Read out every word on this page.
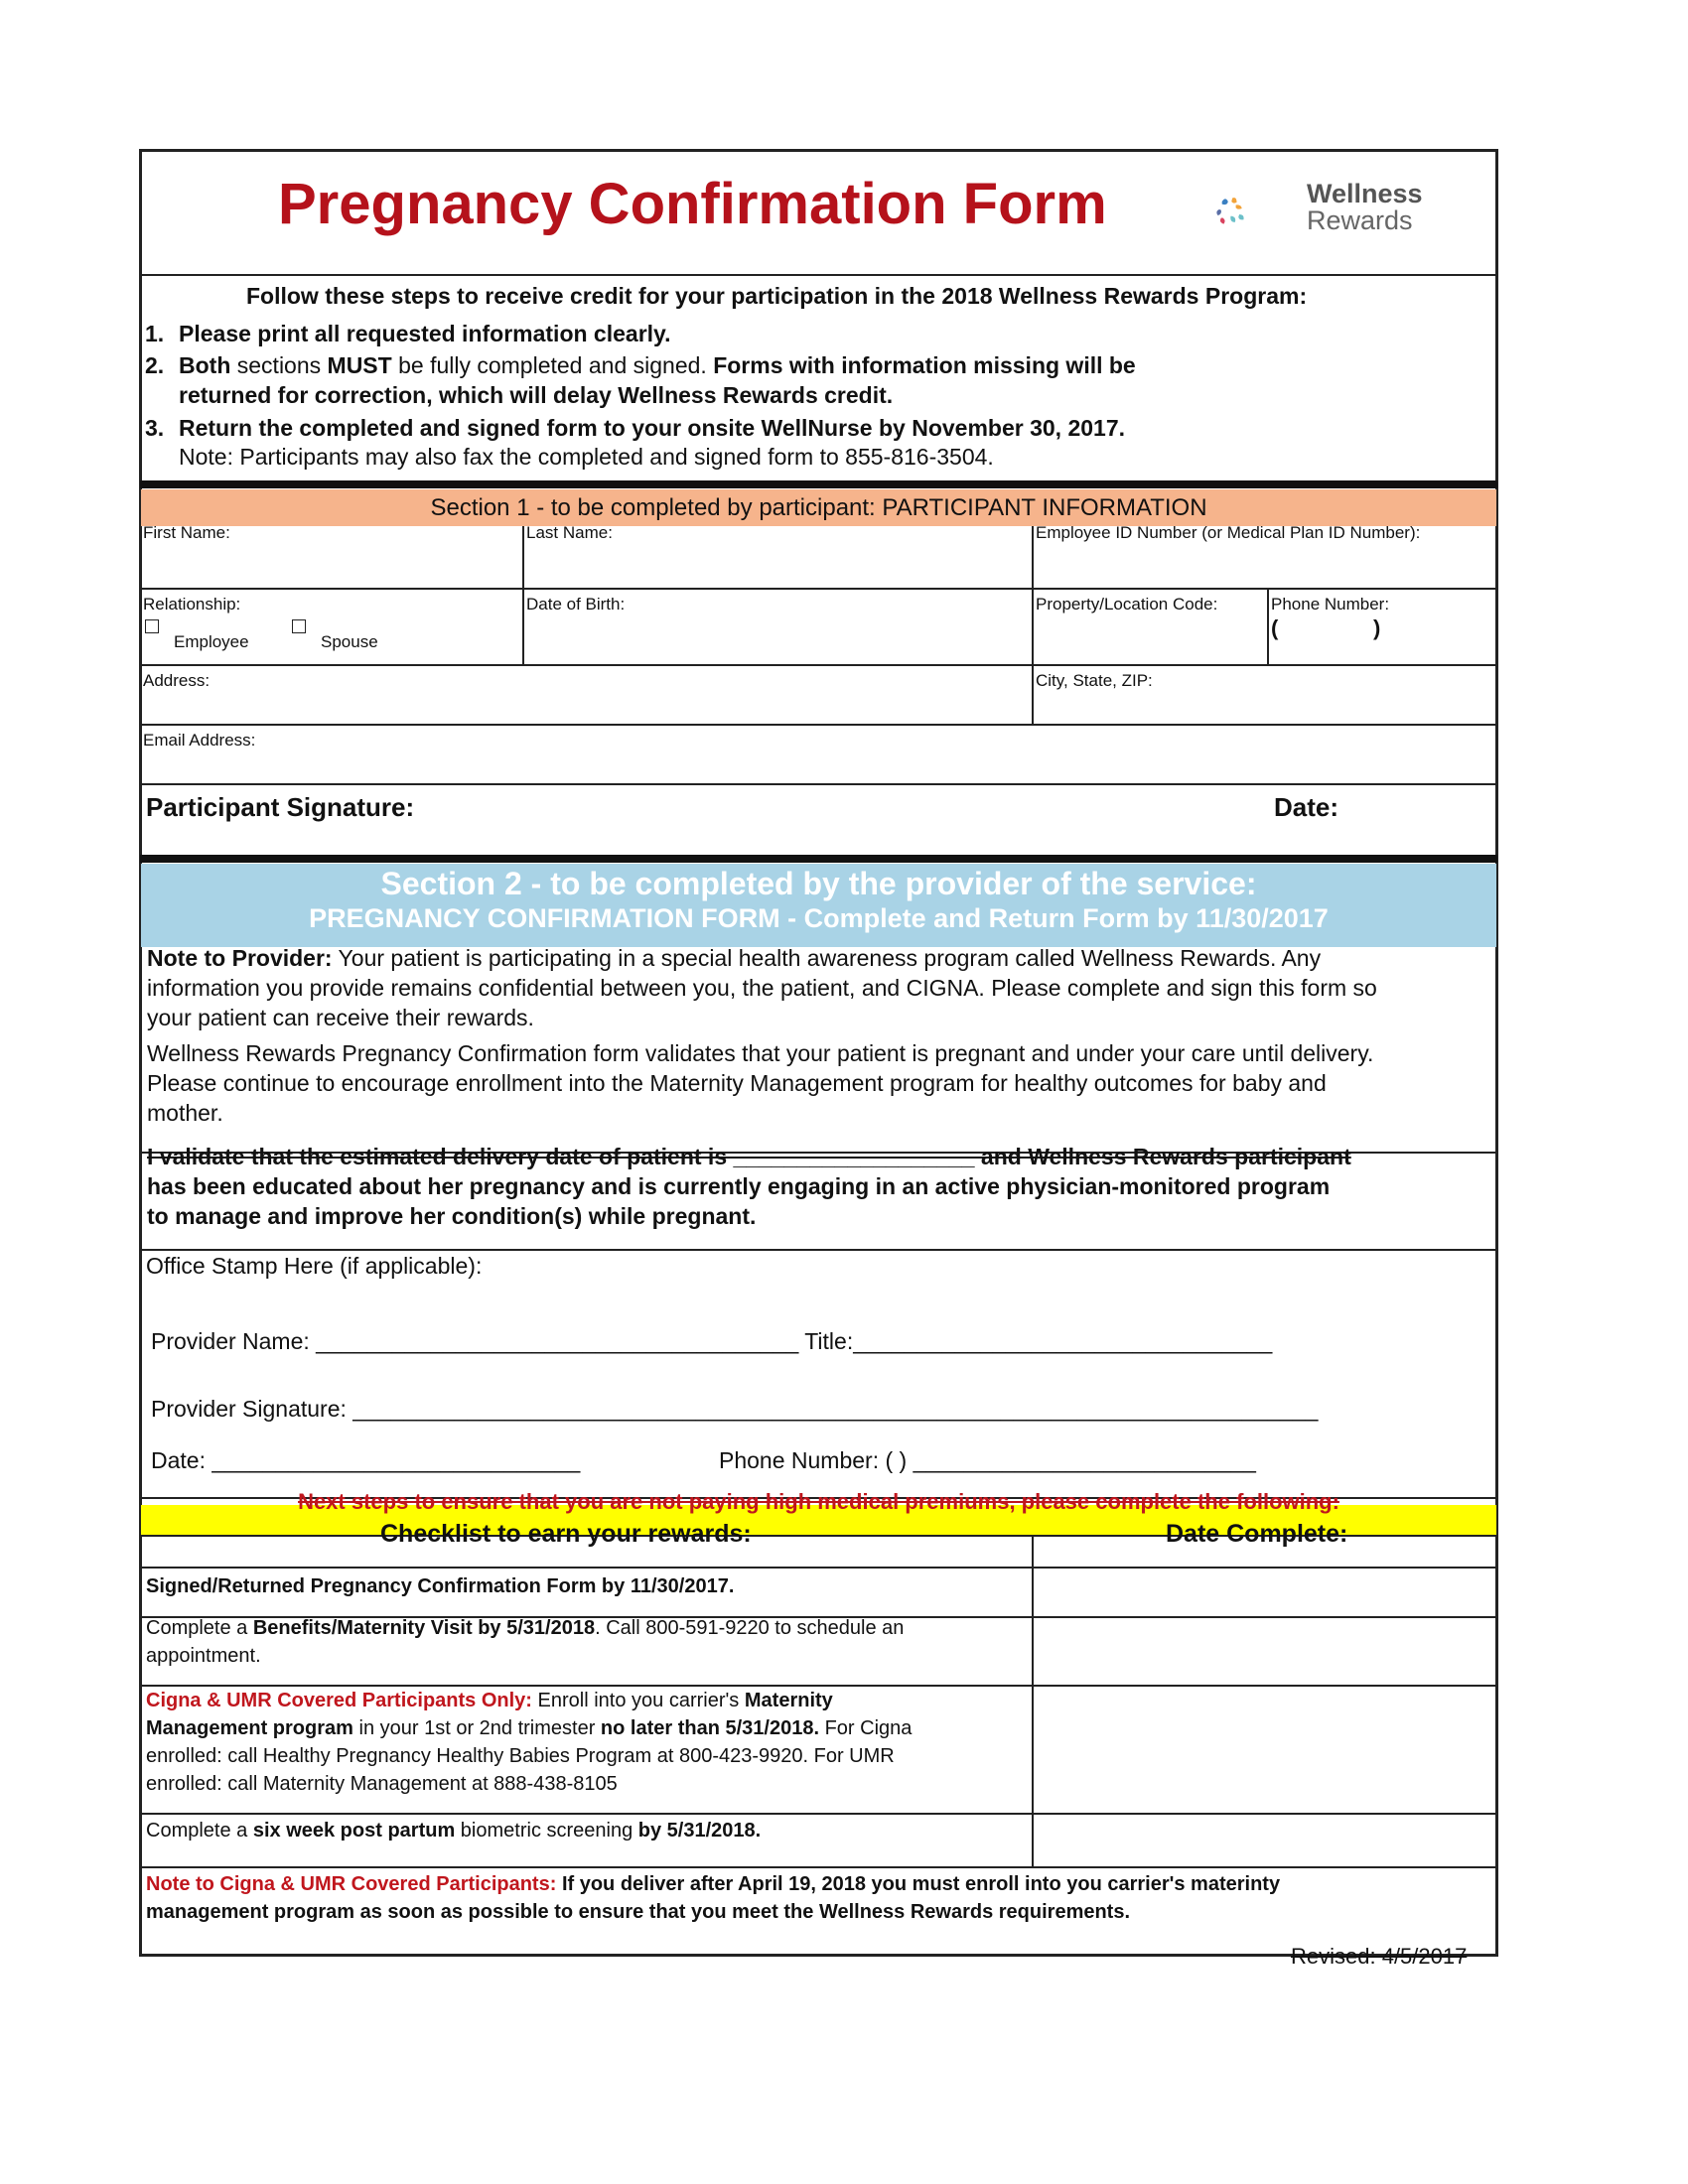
Pregnancy Confirmation Form	Wellness
Rewards
Follow these steps to receive credit for your participation in the 2018 Wellness Rewards Program:
1. Please print all requested information clearly.
2. Both sections MUST be fully completed and signed. Forms with information missing will be
returned for correction, which will delay Wellness Rewards credit.
3. Return the completed and signed form to your onsite WellNurse by November 30, 2017.
Note: Participants may also fax the completed and signed form to 855-816-3504.
Section 1 - to be completed by participant: PARTICIPANT INFORMATION
First Name:	Last Name:	Employee ID Number (or Medical Plan ID Number):
Relationship:
Employee	Spouse
Date of Birth:	Property/Location Code:	Phone Number:
(	)
Address:	City, State, ZIP:
Email Address:
Participant Signature:	Date:
Section 2 - to be completed by the provider of the service:
PREGNANCY CONFIRMATION FORM - Complete and Return Form by 11/30/2017
Note to Provider: Your patient is participating in a special health awareness program called Wellness Rewards. Any
information you provide remains confidential between you, the patient, and CIGNA. Please complete and sign this form so
your patient can receive their rewards.
Wellness Rewards Pregnancy Confirmation form validates that your patient is pregnant and under your care until delivery.
Please continue to encourage enrollment into the Maternity Management program for healthy outcomes for baby and
mother.
I validate that the estimated delivery date of patient is ___________________ and Wellness Rewards participant
has been educated about her pregnancy and is currently engaging in an active physician-monitored program
to manage and improve her condition(s) while pregnant.
Office Stamp Here (if applicable):
Provider Name: ______________________________________ Title:_________________________________
Provider Signature: ____________________________________________________________________________
Date: _____________________________	Phone Number: ( ) ___________________________
Next steps to ensure that you are not paying high medical premiums, please complete the following:
Checklist to earn your rewards:	Date Complete:
Signed/Returned Pregnancy Confirmation Form by 11/30/2017.
Complete a Benefits/Maternity Visit by 5/31/2018. Call 800-591-9220 to schedule an
appointment.
Cigna & UMR Covered Participants Only: Enroll into you carrier's Maternity
Management program in your 1st or 2nd trimester no later than 5/31/2018. For Cigna
enrolled: call Healthy Pregnancy Healthy Babies Program at 800-423-9920. For UMR
enrolled: call Maternity Management at 888-438-8105
Complete a six week post partum biometric screening by 5/31/2018.
Note to Cigna & UMR Covered Participants: If you deliver after April 19, 2018 you must enroll into you carrier's materinty
management program as soon as possible to ensure that you meet the Wellness Rewards requirements.
Revised: 4/5/2017
